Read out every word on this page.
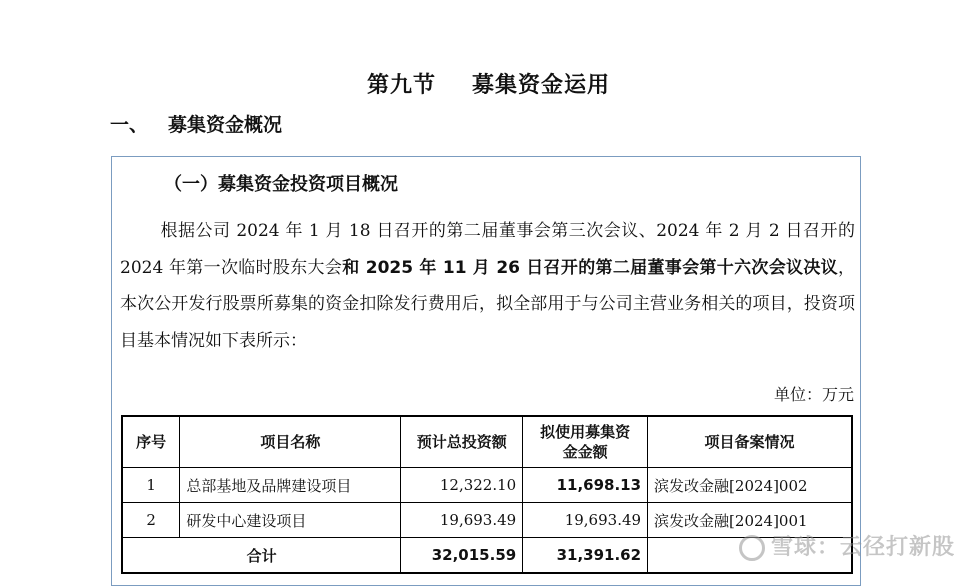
第九节 募集资金运用
一、 募集资金概况
（一）募集资金投资项目概况
根据公司 2024 年 1 月 18 日召开的第二届董事会第三次会议、2024 年 2 月 2 日召开的 2024 年第一次临时股东大会和 2025 年 11 月 26 日召开的第二届董事会第十六次会议决议，本次公开发行股票所募集的资金扣除发行费用后，拟全部用于与公司主营业务相关的项目，投资项目基本情况如下表所示：
单位：万元
序号	项目名称	预计总投资额	拟使用募集资金金额	项目备案情况
1	总部基地及品牌建设项目	12,322.10	11,698.13	滨发改金融[2024]002
2	研发中心建设项目	19,693.49	19,693.49	滨发改金融[2024]001
合计		32,015.59	31,391.62		雪球：云径打新股
